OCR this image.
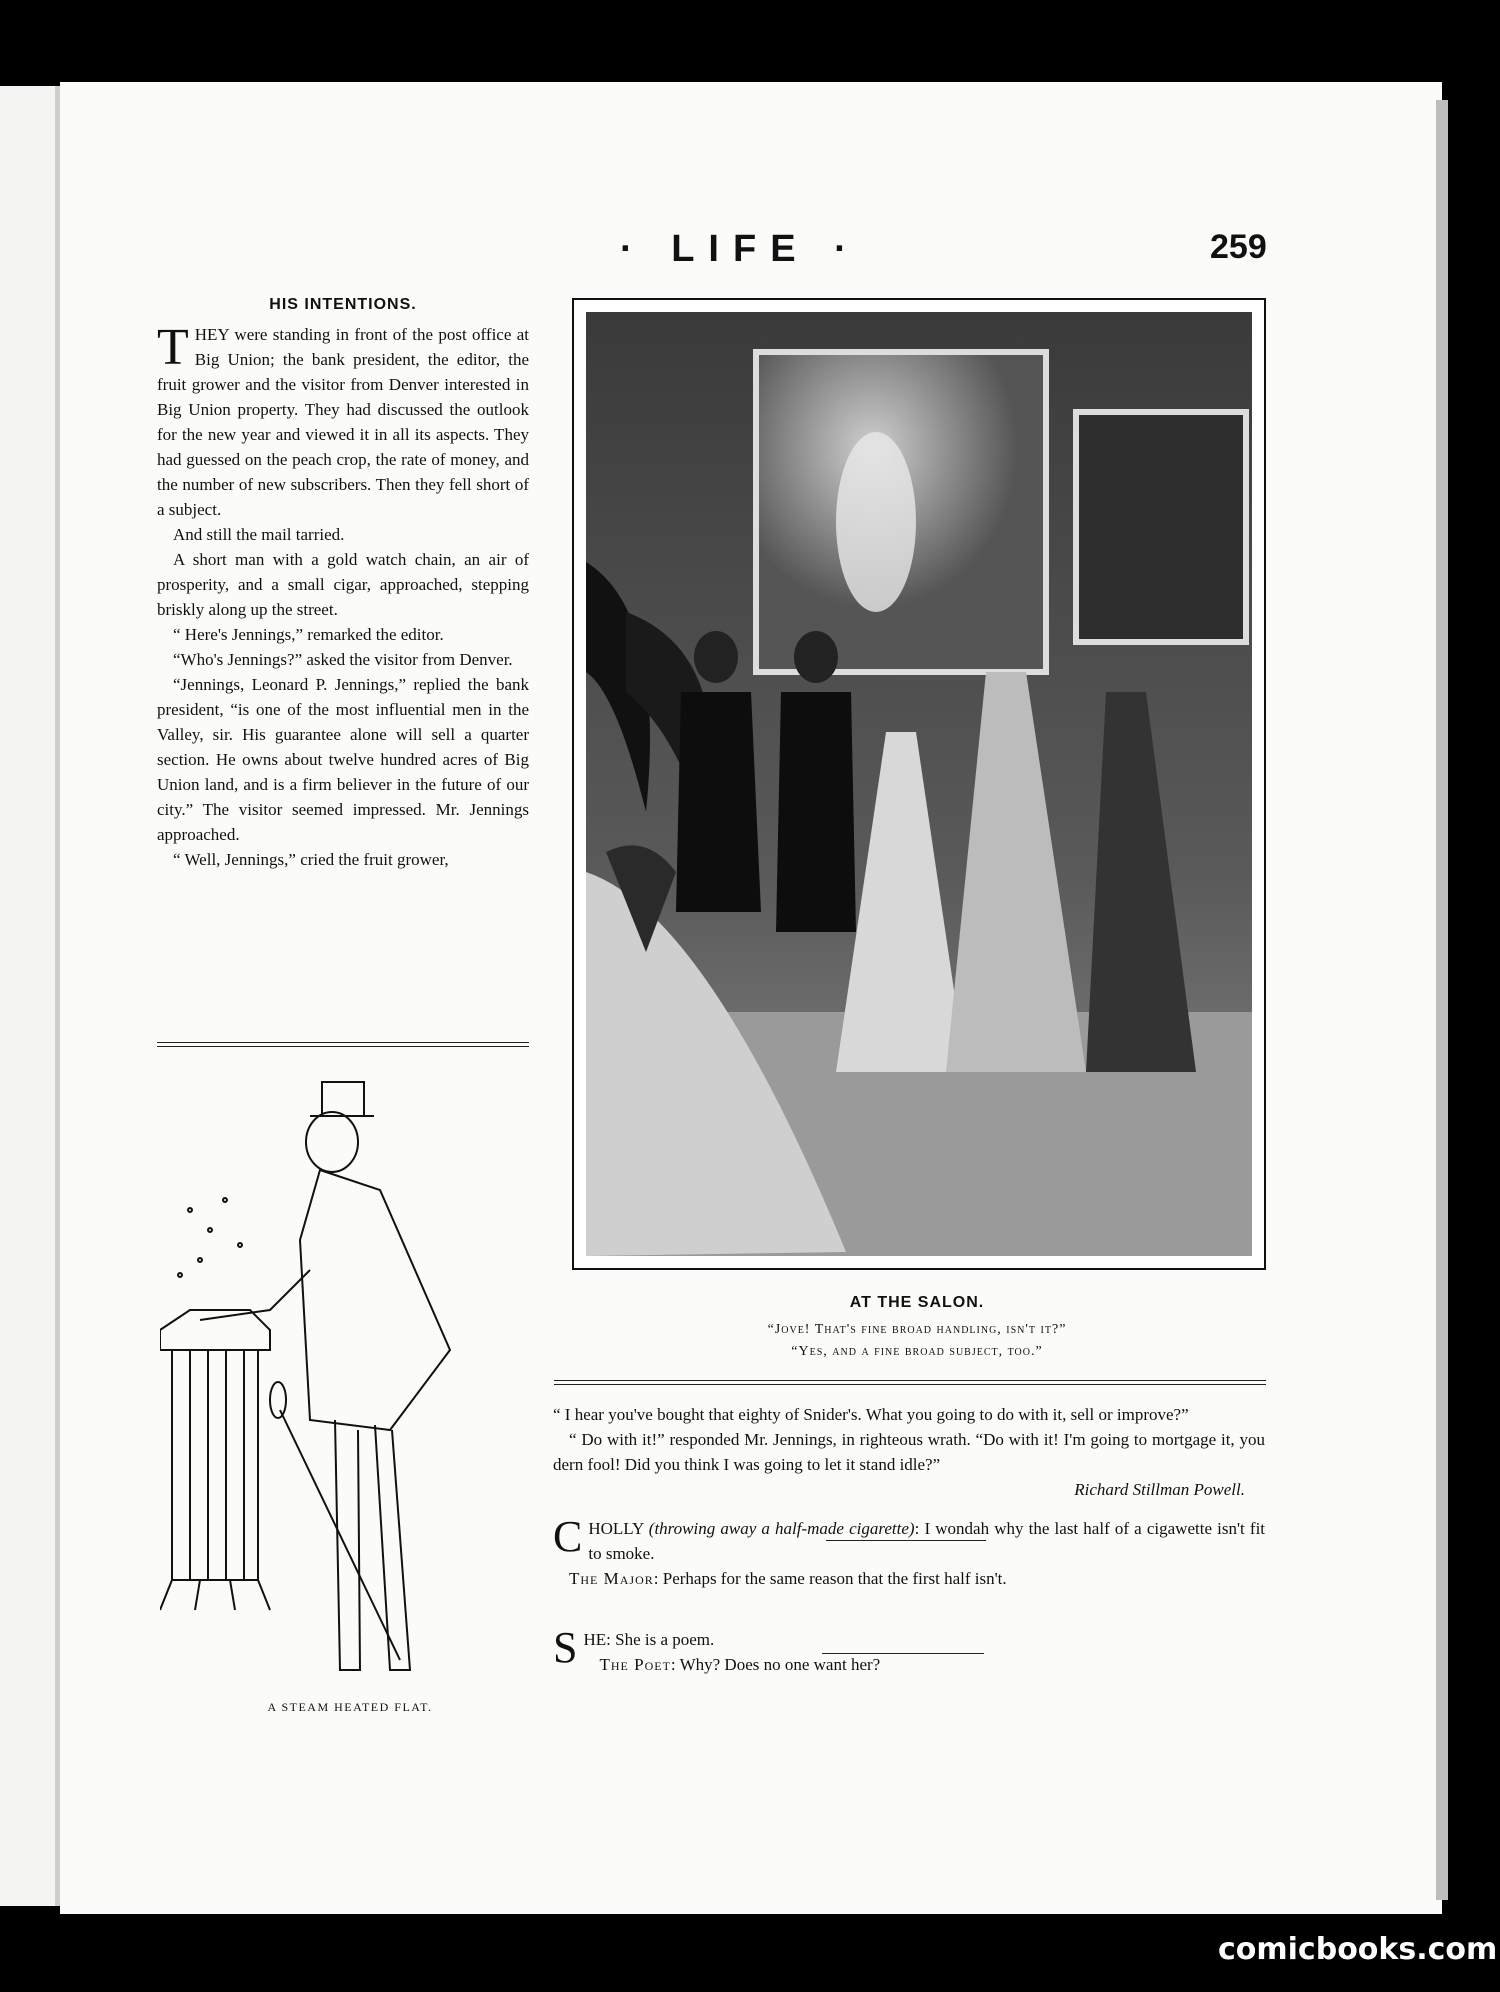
· LIFE ·	259
HIS INTENTIONS.

THEY were standing in front of the post office at Big Union; the bank president, the editor, the fruit grower and the visitor from Denver interested in Big Union property. They had discussed the outlook for the new year and viewed it in all its aspects. They had guessed on the peach crop, the rate of money, and the number of new subscribers. Then they fell short of a subject.

And still the mail tarried.

A short man with a gold watch chain, an air of prosperity, and a small cigar, approached, stepping briskly along up the street.

“ Here's Jennings,” remarked the editor.

“Who's Jennings?” asked the visitor from Denver.

“Jennings, Leonard P. Jennings,” replied the bank president, “is one of the most influential men in the Valley, sir. His guarantee alone will sell a quarter section. He owns about twelve hundred acres of Big Union land, and is a firm believer in the future of our city.” The visitor seemed impressed. Mr. Jennings approached.

“ Well, Jennings,” cried the fruit grower,

AT THE SALON.
“Jove! That's fine broad handling, isn't it?”
“Yes, and a fine broad subject, too.”

“ I hear you've bought that eighty of Snider's. What you going to do with it, sell or improve?”

“ Do with it!” responded Mr. Jennings, in righteous wrath. “Do with it! I'm going to mortgage it, you dern fool! Did you think I was going to let it stand idle?”

Richard Stillman Powell.

CHOLLY (throwing away a half-made cigarette): I wondah why the last half of a cigawette isn't fit to smoke.

The Major: Perhaps for the same reason that the first half isn't.

SHE: She is a poem.

The Poet: Why? Does no one want her?

A STEAM HEATED FLAT.
comicbooks.com
